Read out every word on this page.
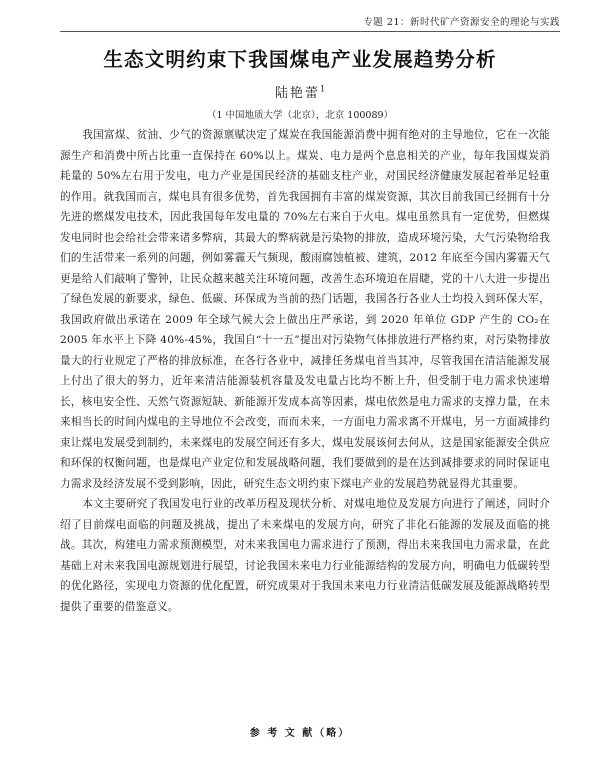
专题 21：新时代矿产资源安全的理论与实践
生态文明约束下我国煤电产业发展趋势分析
陆艳蕾$^1$
（1 中国地质大学（北京），北京 100089）

我国富煤、贫油、少气的资源禀赋决定了煤炭在我国能源消费中拥有绝对的主导地位，它在一次能源生产和消费中所占比重一直保持在 60%以上。煤炭、电力是两个息息相关的产业，每年我国煤炭消耗量的 50%左右用于发电，电力产业是国民经济的基础支柱产业，对国民经济健康发展起着举足轻重的作用。就我国而言，煤电具有很多优势，首先我国拥有丰富的煤炭资源，其次目前我国已经拥有十分先进的燃煤发电技术，因此我国每年发电量的 70%左右来自于火电。煤电虽然具有一定优势，但燃煤发电同时也会给社会带来诸多弊病，其最大的弊病就是污染物的排放，造成环境污染，大气污染物给我们的生活带来一系列的问题，例如雾霾天气频现，酸雨腐蚀植被、建筑，2012 年底至今国内雾霾天气更是给人们敲响了警钟，让民众越来越关注环境问题，改善生态环境迫在眉睫，党的十八大进一步提出了绿色发展的新要求，绿色、低碳、环保成为当前的热门话题，我国各行各业人士均投入到环保大军，我国政府做出承诺在 2009 年全球气候大会上做出庄严承诺，到 2020 年单位 GDP 产生的 CO₂在 2005 年水平上下降 40%-45%，我国自“十一五”提出对污染物气体排放进行严格约束，对污染物排放量大的行业规定了严格的排放标准，在各行各业中，减排任务煤电首当其冲，尽管我国在清洁能源发展上付出了很大的努力，近年来清洁能源装机容量及发电量占比均不断上升，但受制于电力需求快速增长，核电安全性、天然气资源短缺、新能源开发成本高等因素，煤电依然是电力需求的支撑力量，在未来相当长的时间内煤电的主导地位不会改变，而而未来，一方面电力需求离不开煤电，另一方面减排约束让煤电发展受到制约，未来煤电的发展空间还有多大，煤电发展该何去何从，这是国家能源安全供应和环保的权衡问题，也是煤电产业定位和发展战略问题，我们要做到的是在达到减排要求的同时保证电力需求及经济发展不受到影响，因此，研究生态文明约束下煤电产业的发展趋势就显得尤其重要。

本文主要研究了我国发电行业的改革历程及现状分析、对煤电地位及发展方向进行了阐述，同时介绍了目前煤电面临的问题及挑战，提出了未来煤电的发展方向，研究了非化石能源的发展及面临的挑战。其次，构建电力需求预测模型，对未来我国电力需求进行了预测，得出未来我国电力需求量，在此基础上对未来我国电源规划进行展望，讨论我国未来电力行业能源结构的发展方向，明确电力低碳转型的优化路径，实现电力资源的优化配置，研究成果对于我国未来电力行业清洁低碳发展及能源战略转型提供了重要的借鉴意义。

参 考 文 献（略）
